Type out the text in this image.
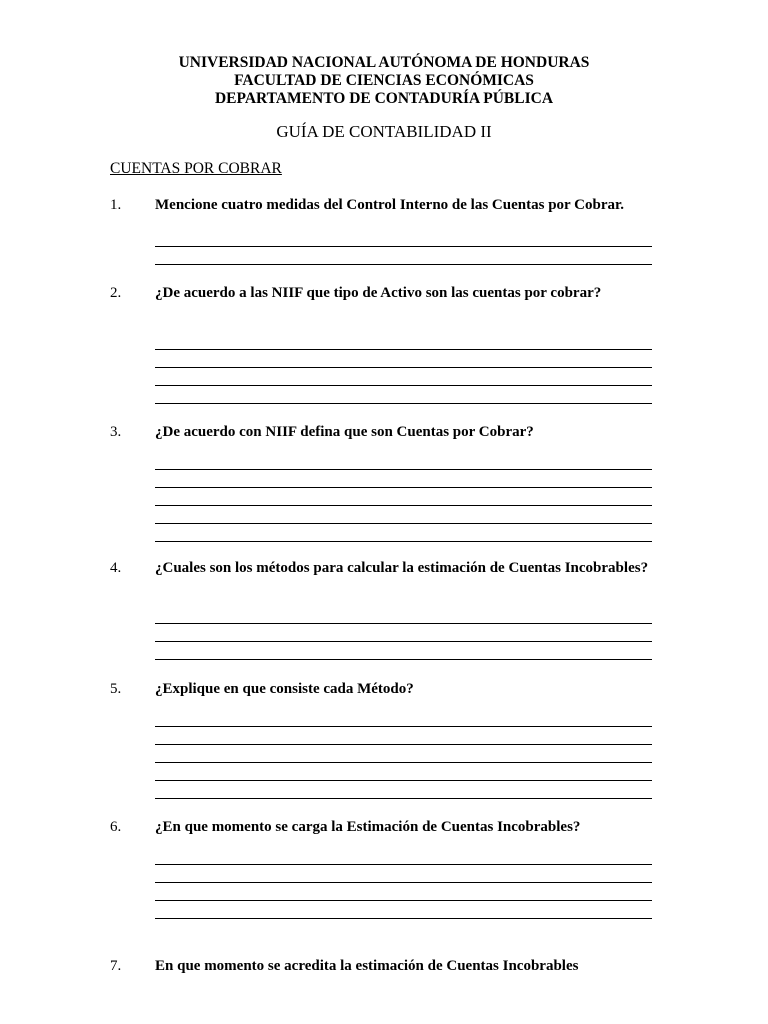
UNIVERSIDAD NACIONAL AUTÓNOMA DE HONDURAS
FACULTAD DE CIENCIAS ECONÓMICAS
DEPARTAMENTO DE CONTADURÍA PÚBLICA
GUÍA DE CONTABILIDAD II
CUENTAS POR COBRAR
1. Mencione cuatro medidas del Control Interno de las Cuentas por Cobrar.
2. ¿De acuerdo a las NIIF que tipo de Activo son las cuentas por cobrar?
3. ¿De acuerdo con NIIF defina que son Cuentas por Cobrar?
4. ¿Cuales son los métodos para calcular la estimación de Cuentas Incobrables?
5. ¿Explique en que consiste cada Método?
6. ¿En que momento se carga la Estimación de Cuentas Incobrables?
7. En que momento se acredita la estimación de Cuentas Incobrables
